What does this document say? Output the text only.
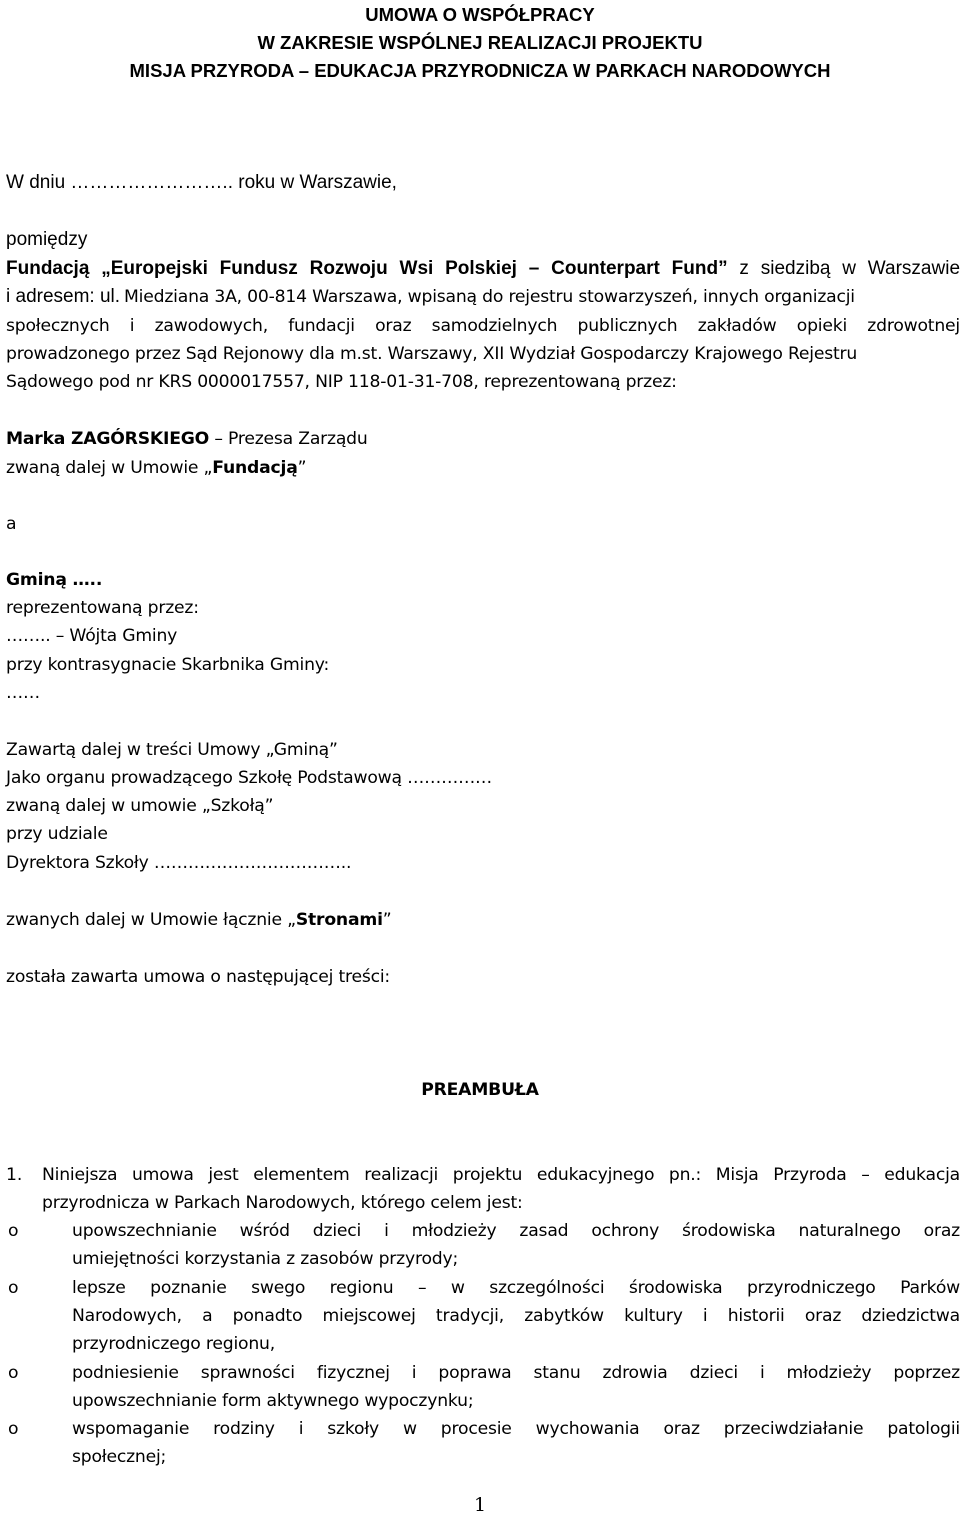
UMOWA O WSPÓŁPRACY
W ZAKRESIE WSPÓLNEJ REALIZACJI PROJEKTU
MISJA PRZYRODA – EDUKACJA PRZYRODNICZA W PARKACH NARODOWYCH
W dniu …………………….. roku w Warszawie,
pomiędzy
Fundacją „Europejski Fundusz Rozwoju Wsi Polskiej – Counterpart Fund” z siedzibą w Warszawie
i adresem: ul. Miedziana 3A, 00-814 Warszawa, wpisaną do rejestru stowarzyszeń, innych organizacji
społecznych i zawodowych, fundacji oraz samodzielnych publicznych zakładów opieki zdrowotnej
prowadzonego przez Sąd Rejonowy dla m.st. Warszawy, XII Wydział Gospodarczy Krajowego Rejestru
Sądowego pod nr KRS 0000017557, NIP 118-01-31-708, reprezentowaną przez:
Marka ZAGÓRSKIEGO – Prezesa Zarządu
zwaną dalej w Umowie „Fundacją”
a
Gminą …..
reprezentowaną przez:
…….. – Wójta Gminy
przy kontrasygnacie Skarbnika Gminy:
……
Zawartą dalej w treści Umowy „Gminą”
Jako organu prowadzącego Szkołę Podstawową ……………
zwaną dalej w umowie „Szkołą”
przy udziale
Dyrektora Szkoły ……………………………..
zwanych dalej w Umowie łącznie „Stronami”
została zawarta umowa o następującej treści:
PREAMBUŁA
1. Niniejsza umowa jest elementem realizacji projektu edukacyjnego pn.: Misja Przyroda – edukacja
przyrodnicza w Parkach Narodowych, którego celem jest:
o	upowszechnianie wśród dzieci i młodzieży zasad ochrony środowiska naturalnego oraz
umiejętności korzystania z zasobów przyrody;
o	lepsze poznanie swego regionu – w szczególności środowiska przyrodniczego Parków
Narodowych, a ponadto miejscowej tradycji, zabytków kultury i historii oraz dziedzictwa
przyrodniczego regionu,
o	podniesienie sprawności fizycznej i poprawa stanu zdrowia dzieci i młodzieży poprzez
upowszechnianie form aktywnego wypoczynku;
o	wspomaganie rodziny i szkoły w procesie wychowania oraz przeciwdziałanie patologii
społecznej;
1
